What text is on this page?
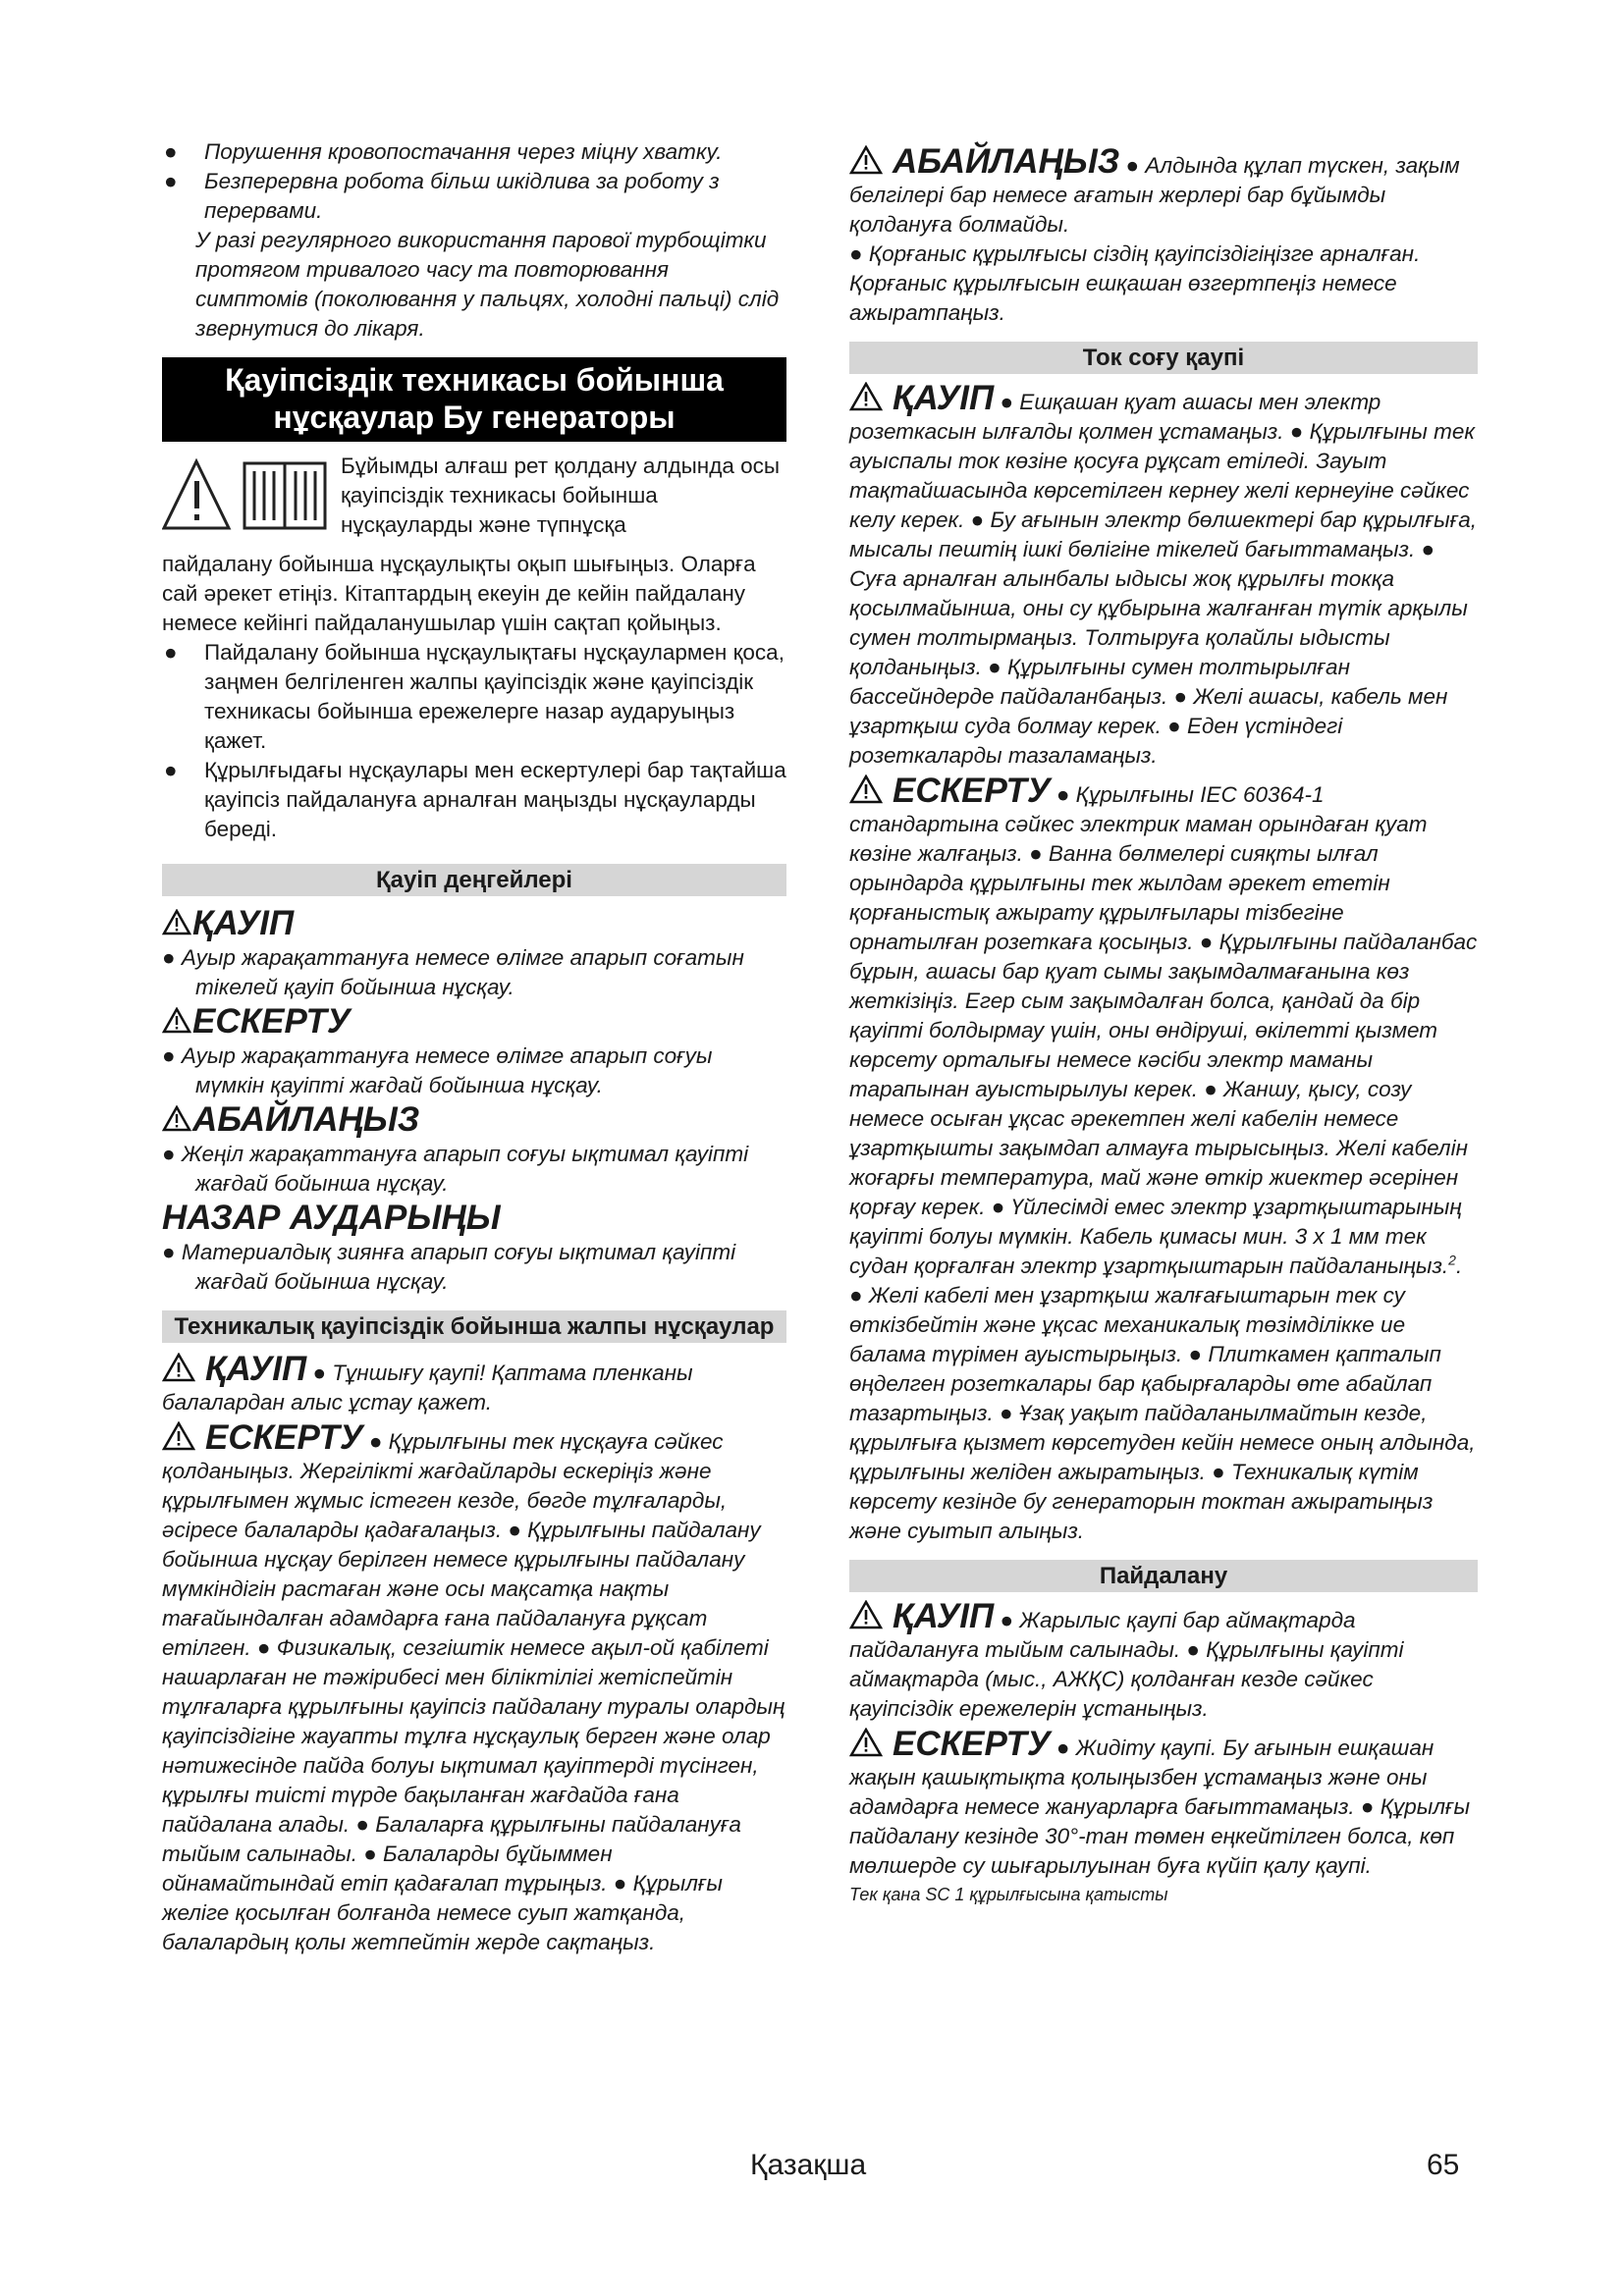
● Порушення кровопостачання через міцну хватку.
● Безперервна робота більш шкідлива за роботу з перервами.

У разі регулярного використання парової турбощітки протягом тривалого часу та повторювання симптомів (поколювання у пальцях, холодні пальці) слід звернутися до лікаря.

Қауіпсіздік техникасы бойынша нұсқаулар Бу генераторы

Бұйымды алғаш рет қолдану алдында осы қауіпсіздік техникасы бойынша нұсқауларды және түпнұсқа

пайдалану бойынша нұсқаулықты оқып шығыңыз. Оларға сай әрекет етіңіз. Кітаптардың екеуін де кейін пайдалану немесе кейінгі пайдаланушылар үшін сақтап қойыңыз.

● Пайдалану бойынша нұсқаулықтағы нұсқаулармен қоса, заңмен белгіленген жалпы қауіпсіздік және қауіпсіздік техникасы бойынша ережелерге назар аударуыңыз қажет.
● Құрылғыдағы нұсқаулары мен ескертулері бар тақтайша қауіпсіз пайдалануға арналған маңызды нұсқауларды береді.
Қауіп деңгейлері
ҚАУІП

● Ауыр жарақаттануға немесе өлімге апарып соғатын тікелей қауіп бойынша нұсқау.

ЕСКЕРТУ

● Ауыр жарақаттануға немесе өлімге апарып соғуы мүмкін қауіпті жағдай бойынша нұсқау.

АБАЙЛАҢЫЗ

● Жеңіл жарақаттануға апарып соғуы ықтимал қауіпті жағдай бойынша нұсқау.

НАЗАР АУДАРЫҢЫ

● Материалдық зиянға апарып соғуы ықтимал қауіпті жағдай бойынша нұсқау.

Техникалық қауіпсіздік бойынша жалпы нұсқаулар

ҚАУІП ● Тұншығу қаупі! Қаптама пленканы балалардан алыс ұстау қажет.

ЕСКЕРТУ ● Құрылғыны тек нұсқауға сәйкес қолданыңыз. Жергілікті жағдайларды ескеріңіз және құрылғымен жұмыс істеген кезде, бөгде тұлғаларды, әсіресе балаларды қадағалаңыз. ● Құрылғыны пайдалану бойынша нұсқау берілген немесе құрылғыны пайдалану мүмкіндігін растаған және осы мақсатқа нақты тағайындалған адамдарға ғана пайдалануға рұқсат етілген. ● Физикалық, сезгіштік немесе ақыл-ой қабілеті нашарлаған не тәжірибесі мен біліктілігі жетіспейтін тұлғаларға құрылғыны қауіпсіз пайдалану туралы олардың қауіпсіздігіне жауапты тұлға нұсқаулық берген және олар нәтижесінде пайда болуы ықтимал қауіптерді түсінген, құрылғы тиісті түрде бақыланған жағдайда ғана пайдалана алады. ● Балаларға құрылғыны пайдалануға тыйым салынады. ● Балаларды бұйыммен ойнамайтындай етіп қадағалап тұрыңыз. ● Құрылғы желіге қосылған болғанда немесе суып жатқанда, балалардың қолы жетпейтін жерде сақтаңыз.

АБАЙЛАҢЫЗ ● Алдында құлап түскен, зақым белгілері бар немесе ағатын жерлері бар бұйымды қолдануға болмайды.

● Қорғаныс құрылғысы сіздің қауіпсіздігіңізге арналған. Қорғаныс құрылғысын ешқашан өзгертпеңіз немесе ажыратпаңыз.

Ток соғу қаупі

ҚАУІП ● Ешқашан қуат ашасы мен электр розеткасын ылғалды қолмен ұстамаңыз. ● Құрылғыны тек ауыспалы ток көзіне қосуға рұқсат етіледі. Зауыт тақтайшасында көрсетілген кернеу желі кернеуіне сәйкес келу керек. ● Бу ағынын электр бөлшектері бар құрылғыға, мысалы пештің ішкі бөлігіне тікелей бағыттамаңыз. ● Суға арналған алынбалы ыдысы жоқ құрылғы токқа қосылмайынша, оны су құбырына жалғанған түтік арқылы сумен толтырмаңыз. Толтыруға қолайлы ыдысты қолданыңыз. ● Құрылғыны сумен толтырылған бассейндерде пайдаланбаңыз. ● Желі ашасы, кабель мен ұзартқыш суда болмау керек. ● Еден үстіндегі розеткаларды тазаламаңыз.

ЕСКЕРТУ ● Құрылғыны IEC 60364-1 стандартына сәйкес электрик маман орындаған қуат көзіне жалғаңыз. ● Ванна бөлмелері сияқты ылғал орындарда құрылғыны тек жылдам әрекет ететін қорғаныстық ажырату құрылғылары тізбегіне орнатылған розеткаға қосыңыз. ● Құрылғыны пайдаланбас бұрын, ашасы бар қуат сымы зақымдалмағанына көз жеткізіңіз. Егер сым зақымдалған болса, қандай да бір қауіпті болдырмау үшін, оны өндіруші, өкілетті қызмет көрсету орталығы немесе кәсіби электр маманы тарапынан ауыстырылуы керек. ● Жаншу, қысу, созу немесе осыған ұқсас әрекетпен желі кабелін немесе ұзартқышты зақымдап алмауға тырысыңыз. Желі кабелін жоғарғы температура, май және өткір жиектер әсерінен қорғау керек. ● Үйлесімді емес электр ұзартқыштарының қауіпті болуы мүмкін. Кабель қимасы мин. 3 x 1 мм тек судан қорғалған электр ұзартқыштарын пайдаланыңыз.$^2$. ● Желі кабелі мен ұзартқыш жалғағыштарын тек су өткізбейтін және ұқсас механикалық төзімділікке ие балама түрімен ауыстырыңыз. ● Плиткамен қапталып өңделген розеткалары бар қабырғаларды өте абайлап тазартыңыз. ● Ұзақ уақыт пайдаланылмайтын кезде, құрылғыға қызмет көрсетуден кейін немесе оның алдында, құрылғыны желіден ажыратыңыз. ● Техникалық күтім көрсету кезінде бу генераторын токтан ажыратыңыз және суытып алыңыз.

Пайдалану

ҚАУІП ● Жарылыс қаупі бар аймақтарда пайдалануға тыйым салынады. ● Құрылғыны қауіпті аймақтарда (мыс., АЖҚС) қолданған кезде сәйкес қауіпсіздік ережелерін ұстаныңыз.

ЕСКЕРТУ ● Жидіту қаупі. Бу ағынын ешқашан жақын қашықтықта қолыңызбен ұстамаңыз және оны адамдарға немесе жануарларға бағыттамаңыз. ● Құрылғы пайдалану кезінде 30°-тан төмен еңкейтілген болса, көп мөлшерде су шығарылуынан буға күйіп қалу қаупі.

Тек қана SC 1 құрылғысына қатысты

Қазақша	65
